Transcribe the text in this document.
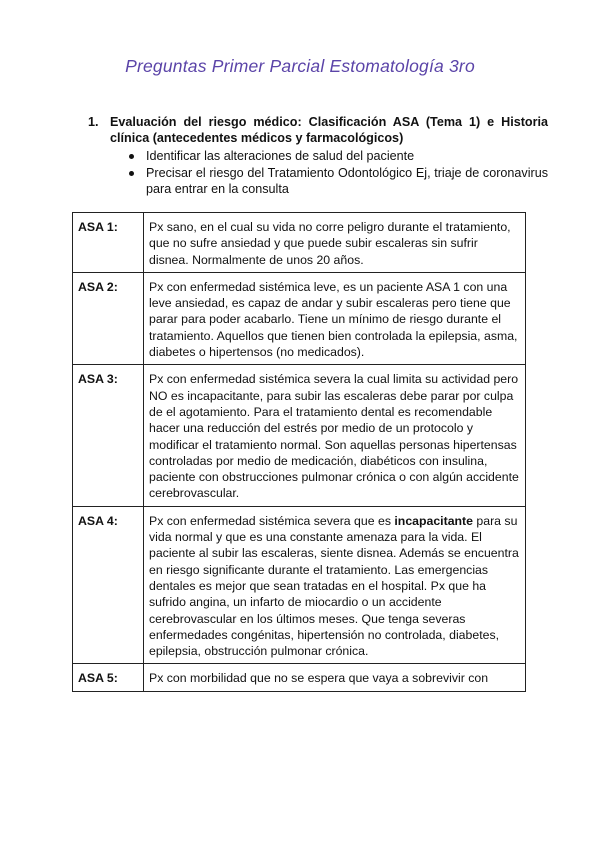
Preguntas Primer Parcial Estomatología 3ro
1. Evaluación del riesgo médico: Clasificación ASA (Tema 1) e Historia clínica (antecedentes médicos y farmacológicos)
Identificar las alteraciones de salud del paciente
Precisar el riesgo del Tratamiento Odontológico Ej, triaje de coronavirus para entrar en la consulta
ASA 1:	Px sano, en el cual su vida no corre peligro durante el tratamiento, que no sufre ansiedad y que puede subir escaleras sin sufrir disnea. Normalmente de unos 20 años.
ASA 2:	Px con enfermedad sistémica leve, es un paciente ASA 1 con una leve ansiedad, es capaz de andar y subir escaleras pero tiene que parar para poder acabarlo. Tiene un mínimo de riesgo durante el tratamiento. Aquellos que tienen bien controlada la epilepsia, asma, diabetes o hipertensos (no medicados).
ASA 3:	Px con enfermedad sistémica severa la cual limita su actividad pero NO es incapacitante, para subir las escaleras debe parar por culpa de el agotamiento. Para el tratamiento dental es recomendable hacer una reducción del estrés por medio de un protocolo y modificar el tratamiento normal. Son aquellas personas hipertensas controladas por medio de medicación, diabéticos con insulina, paciente con obstrucciones pulmonar crónica o con algún accidente cerebrovascular.
ASA 4:	Px con enfermedad sistémica severa que es incapacitante para su vida normal y que es una constante amenaza para la vida. El paciente al subir las escaleras, siente disnea. Además se encuentra en riesgo significante durante el tratamiento. Las emergencias dentales es mejor que sean tratadas en el hospital. Px que ha sufrido angina, un infarto de miocardio o un accidente cerebrovascular en los últimos meses. Que tenga severas enfermedades congénitas, hipertensión no controlada, diabetes, epilepsia, obstrucción pulmonar crónica.
ASA 5:	Px con morbilidad que no se espera que vaya a sobrevivir con
